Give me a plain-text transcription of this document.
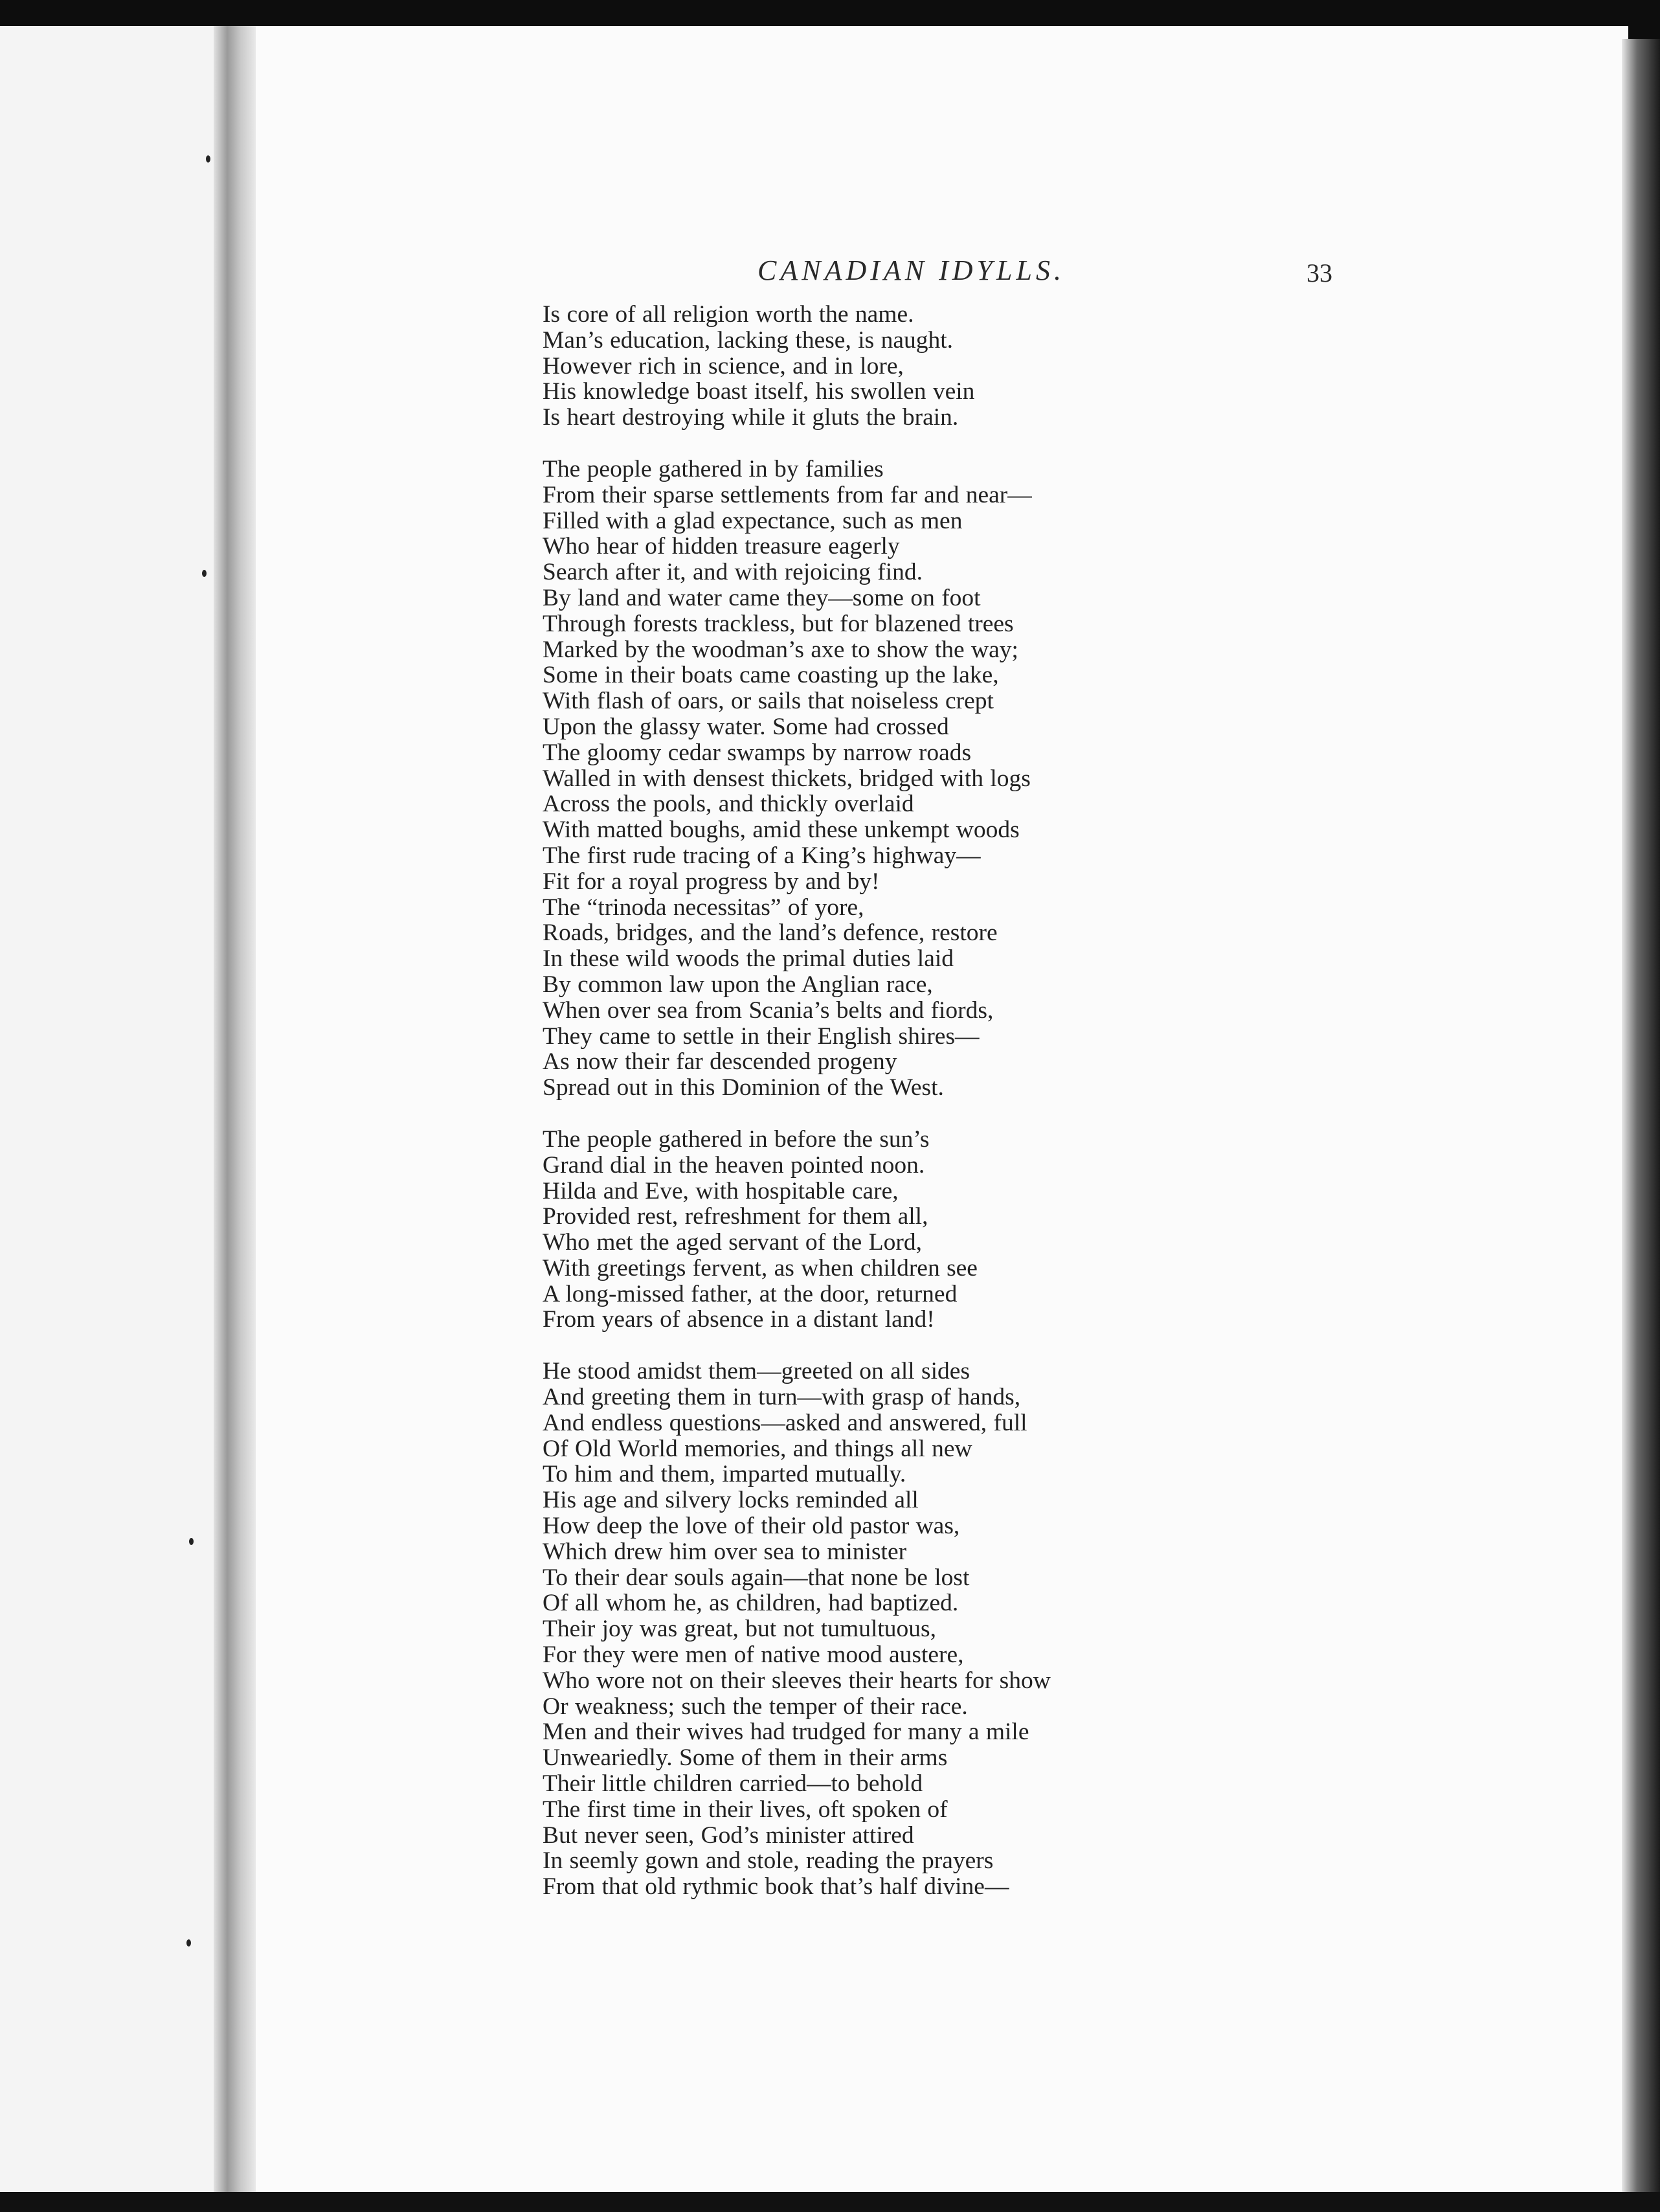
CANADIAN IDYLLS.	33
Is core of all religion worth the name.
Man’s education, lacking these, is naught.
However rich in science, and in lore,
His knowledge boast itself, his swollen vein
Is heart destroying while it gluts the brain.
The people gathered in by families
From their sparse settlements from far and near—
Filled with a glad expectance, such as men
Who hear of hidden treasure eagerly
Search after it, and with rejoicing find.
By land and water came they—some on foot
Through forests trackless, but for blazened trees
Marked by the woodman’s axe to show the way;
Some in their boats came coasting up the lake,
With flash of oars, or sails that noiseless crept
Upon the glassy water. Some had crossed
The gloomy cedar swamps by narrow roads
Walled in with densest thickets, bridged with logs
Across the pools, and thickly overlaid
With matted boughs, amid these unkempt woods
The first rude tracing of a King’s highway—
Fit for a royal progress by and by!
The “trinoda necessitas” of yore,
Roads, bridges, and the land’s defence, restore
In these wild woods the primal duties laid
By common law upon the Anglian race,
When over sea from Scania’s belts and fiords,
They came to settle in their English shires—
As now their far descended progeny
Spread out in this Dominion of the West.
The people gathered in before the sun’s
Grand dial in the heaven pointed noon.
Hilda and Eve, with hospitable care,
Provided rest, refreshment for them all,
Who met the aged servant of the Lord,
With greetings fervent, as when children see
A long-missed father, at the door, returned
From years of absence in a distant land!
He stood amidst them—greeted on all sides
And greeting them in turn—with grasp of hands,
And endless questions—asked and answered, full
Of Old World memories, and things all new
To him and them, imparted mutually.
His age and silvery locks reminded all
How deep the love of their old pastor was,
Which drew him over sea to minister
To their dear souls again—that none be lost
Of all whom he, as children, had baptized.
Their joy was great, but not tumultuous,
For they were men of native mood austere,
Who wore not on their sleeves their hearts for show
Or weakness; such the temper of their race.
Men and their wives had trudged for many a mile
Unweariedly. Some of them in their arms
Their little children carried—to behold
The first time in their lives, oft spoken of
But never seen, God’s minister attired
In seemly gown and stole, reading the prayers
From that old rythmic book that’s half divine—
